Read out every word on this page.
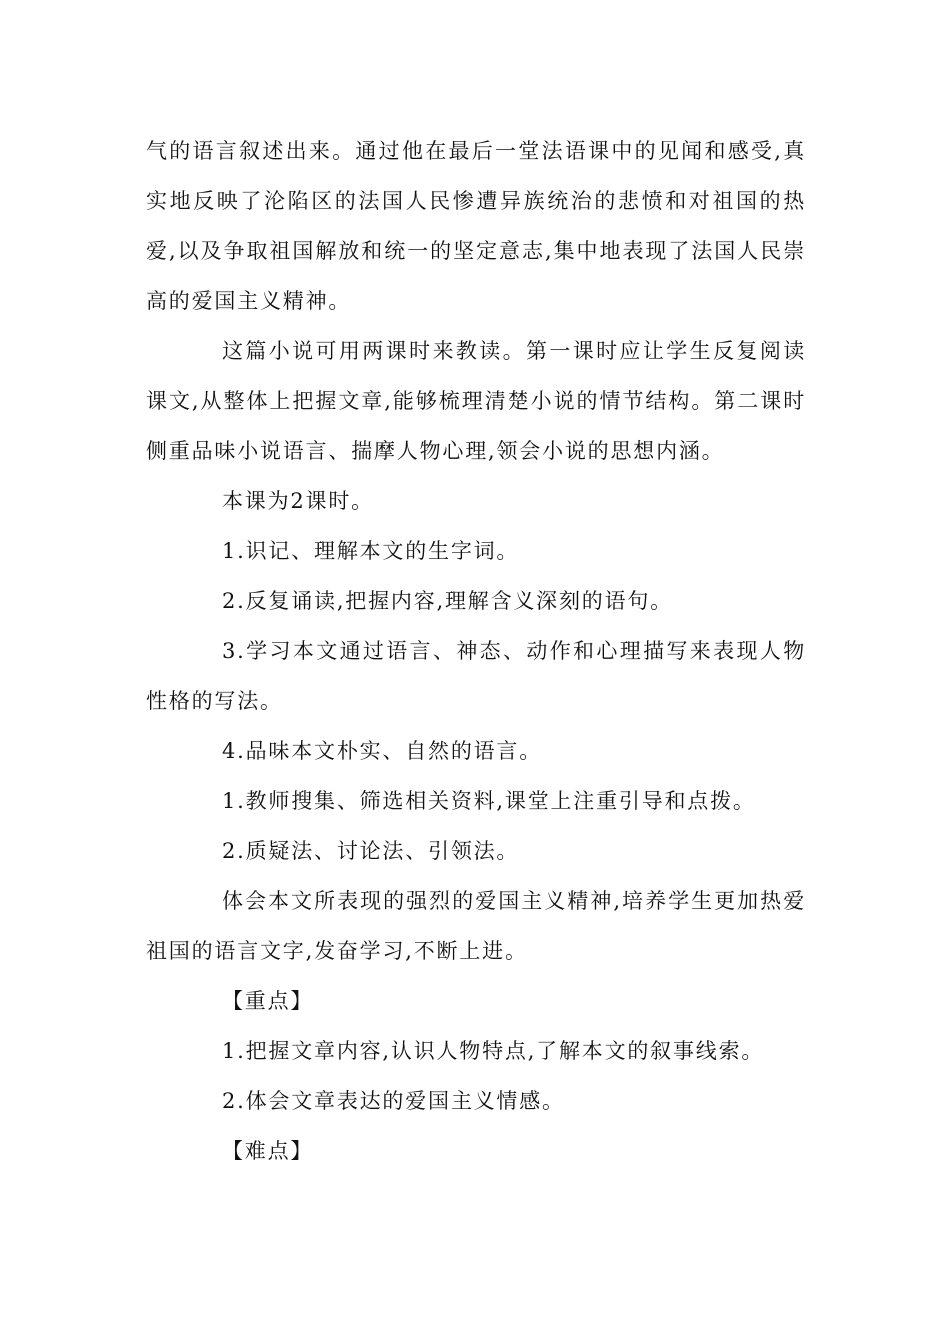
气的语言叙述出来。通过他在最后一堂法语课中的见闻和感受,真实地反映了沦陷区的法国人民惨遭异族统治的悲愤和对祖国的热爱,以及争取祖国解放和统一的坚定意志,集中地表现了法国人民崇高的爱国主义精神。

这篇小说可用两课时来教读。第一课时应让学生反复阅读课文,从整体上把握文章,能够梳理清楚小说的情节结构。第二课时侧重品味小说语言、揣摩人物心理,领会小说的思想内涵。

本课为2课时。

1.识记、理解本文的生字词。

2.反复诵读,把握内容,理解含义深刻的语句。

3.学习本文通过语言、神态、动作和心理描写来表现人物性格的写法。

4.品味本文朴实、自然的语言。

1.教师搜集、筛选相关资料,课堂上注重引导和点拨。

2.质疑法、讨论法、引领法。

体会本文所表现的强烈的爱国主义精神,培养学生更加热爱祖国的语言文字,发奋学习,不断上进。

【重点】

1.把握文章内容,认识人物特点,了解本文的叙事线索。

2.体会文章表达的爱国主义情感。

【难点】
